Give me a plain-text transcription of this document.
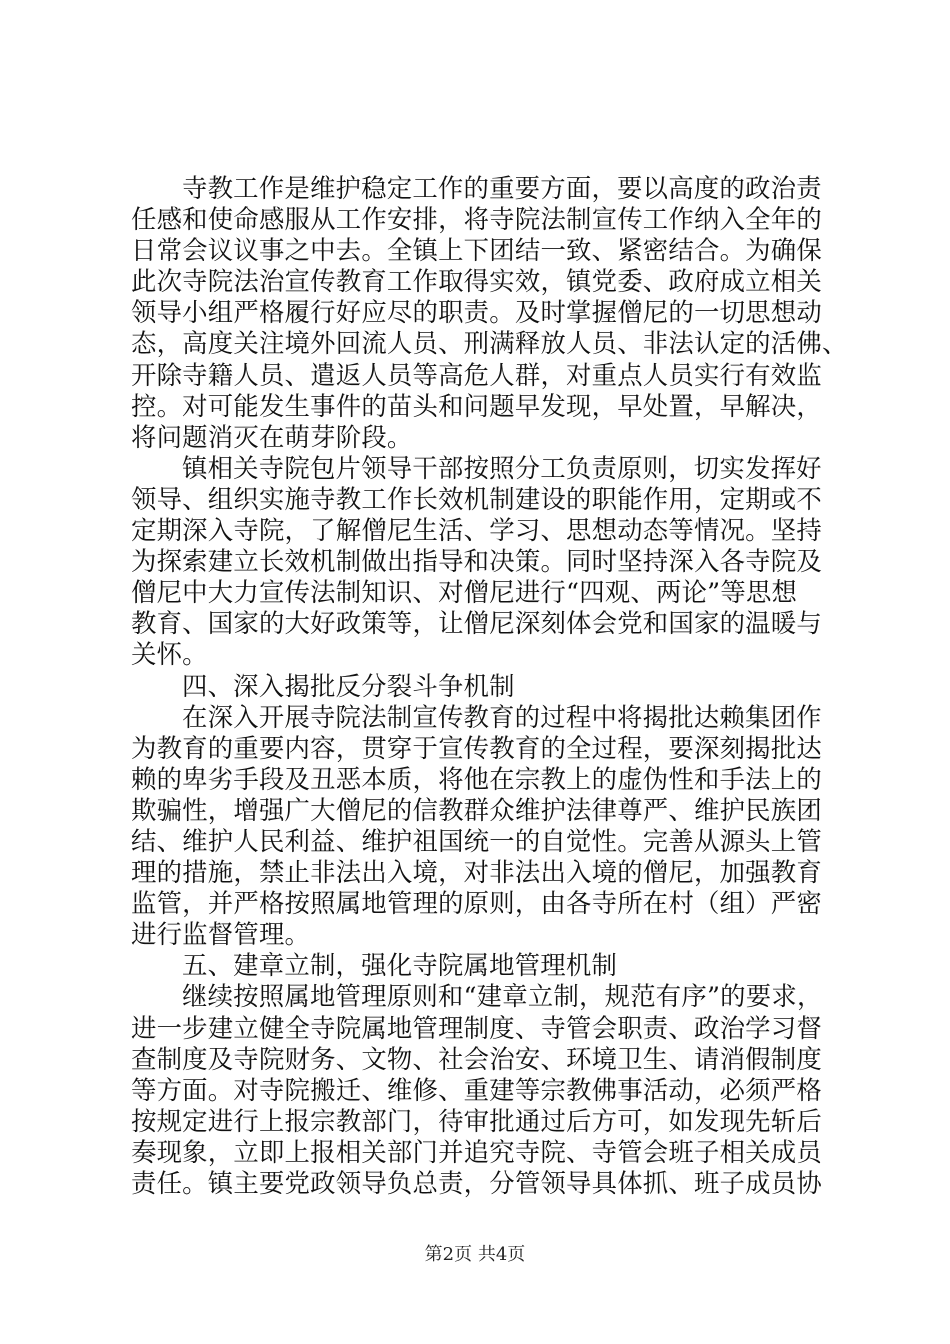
寺教工作是维护稳定工作的重要方面，要以高度的政治责
任感和使命感服从工作安排，将寺院法制宣传工作纳入全年的
日常会议议事之中去。全镇上下团结一致、紧密结合。为确保
此次寺院法治宣传教育工作取得实效，镇党委、政府成立相关
领导小组严格履行好应尽的职责。及时掌握僧尼的一切思想动
态，高度关注境外回流人员、刑满释放人员、非法认定的活佛、
开除寺籍人员、遣返人员等高危人群，对重点人员实行有效监
控。对可能发生事件的苗头和问题早发现，早处置，早解决，
将问题消灭在萌芽阶段。
镇相关寺院包片领导干部按照分工负责原则，切实发挥好
领导、组织实施寺教工作长效机制建设的职能作用，定期或不
定期深入寺院，了解僧尼生活、学习、思想动态等情况。坚持
为探索建立长效机制做出指导和决策。同时坚持深入各寺院及
僧尼中大力宣传法制知识、对僧尼进行“四观、两论”等思想
教育、国家的大好政策等，让僧尼深刻体会党和国家的温暖与
关怀。
四、深入揭批反分裂斗争机制
在深入开展寺院法制宣传教育的过程中将揭批达赖集团作
为教育的重要内容，贯穿于宣传教育的全过程，要深刻揭批达
赖的卑劣手段及丑恶本质，将他在宗教上的虚伪性和手法上的
欺骗性，增强广大僧尼的信教群众维护法律尊严、维护民族团
结、维护人民利益、维护祖国统一的自觉性。完善从源头上管
理的措施，禁止非法出入境，对非法出入境的僧尼，加强教育
监管，并严格按照属地管理的原则，由各寺所在村（组）严密
进行监督管理。
五、建章立制，强化寺院属地管理机制
继续按照属地管理原则和“建章立制，规范有序”的要求，
进一步建立健全寺院属地管理制度、寺管会职责、政治学习督
查制度及寺院财务、文物、社会治安、环境卫生、请消假制度
等方面。对寺院搬迁、维修、重建等宗教佛事活动，必须严格
按规定进行上报宗教部门，待审批通过后方可，如发现先斩后
奏现象，立即上报相关部门并追究寺院、寺管会班子相关成员
责任。镇主要党政领导负总责，分管领导具体抓、班子成员协
第2页 共4页
